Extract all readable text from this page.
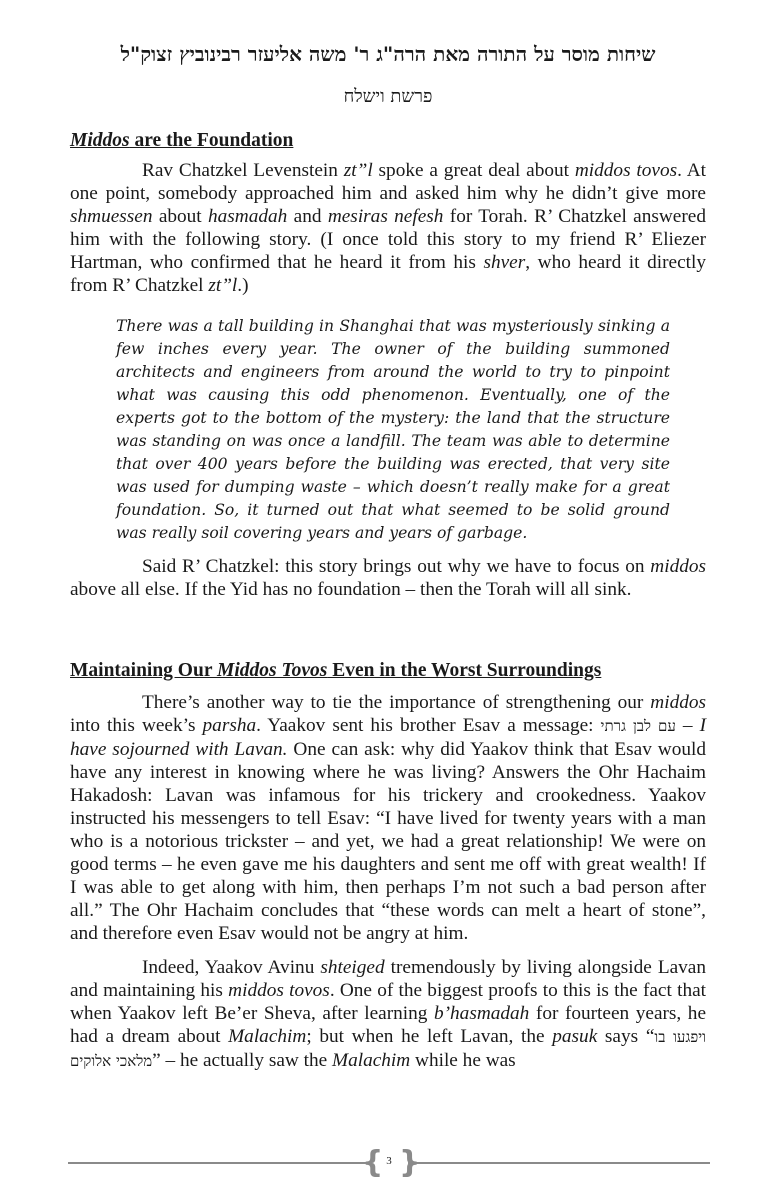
שיחות מוסר על התורה מאת הרה"ג ר' משה אליעזר רבינוביץ זצוק"ל
פרשת וישלח

Middos are the Foundation

Rav Chatzkel Levenstein zt”l spoke a great deal about middos tovos. At one point, somebody approached him and asked him why he didn’t give more shmuessen about hasmadah and mesiras nefesh for Torah. R’ Chatzkel answered him with the following story. (I once told this story to my friend R’ Eliezer Hartman, who confirmed that he heard it from his shver, who heard it directly from R’ Chatzkel zt”l.)

There was a tall building in Shanghai that was mysteriously sinking a few inches every year. The owner of the building summoned architects and engineers from around the world to try to pinpoint what was causing this odd phenomenon. Eventually, one of the experts got to the bottom of the mystery: the land that the structure was standing on was once a landfill. The team was able to determine that over 400 years before the building was erected, that very site was used for dumping waste – which doesn’t really make for a great foundation. So, it turned out that what seemed to be solid ground was really soil covering years and years of garbage.

Said R’ Chatzkel: this story brings out why we have to focus on middos above all else. If the Yid has no foundation – then the Torah will all sink.

Maintaining Our Middos Tovos Even in the Worst Surroundings

There’s another way to tie the importance of strengthening our middos into this week’s parsha. Yaakov sent his brother Esav a message: עם לבן גרתי – I have sojourned with Lavan. One can ask: why did Yaakov think that Esav would have any interest in knowing where he was living? Answers the Ohr Hachaim Hakadosh: Lavan was infamous for his trickery and crookedness. Yaakov instructed his messengers to tell Esav: “I have lived for twenty years with a man who is a notorious trickster – and yet, we had a great relationship! We were on good terms – he even gave me his daughters and sent me off with great wealth! If I was able to get along with him, then perhaps I’m not such a bad person after all.” The Ohr Hachaim concludes that “these words can melt a heart of stone”, and therefore even Esav would not be angry at him.

Indeed, Yaakov Avinu shteiged tremendously by living alongside Lavan and maintaining his middos tovos. One of the biggest proofs to this is the fact that when Yaakov left Be’er Sheva, after learning b’hasmadah for fourteen years, he had a dream about Malachim; but when he left Lavan, the pasuk says “ויפגעו בו מלאכי אלוקים” – he actually saw the Malachim while he was

{ }
3
